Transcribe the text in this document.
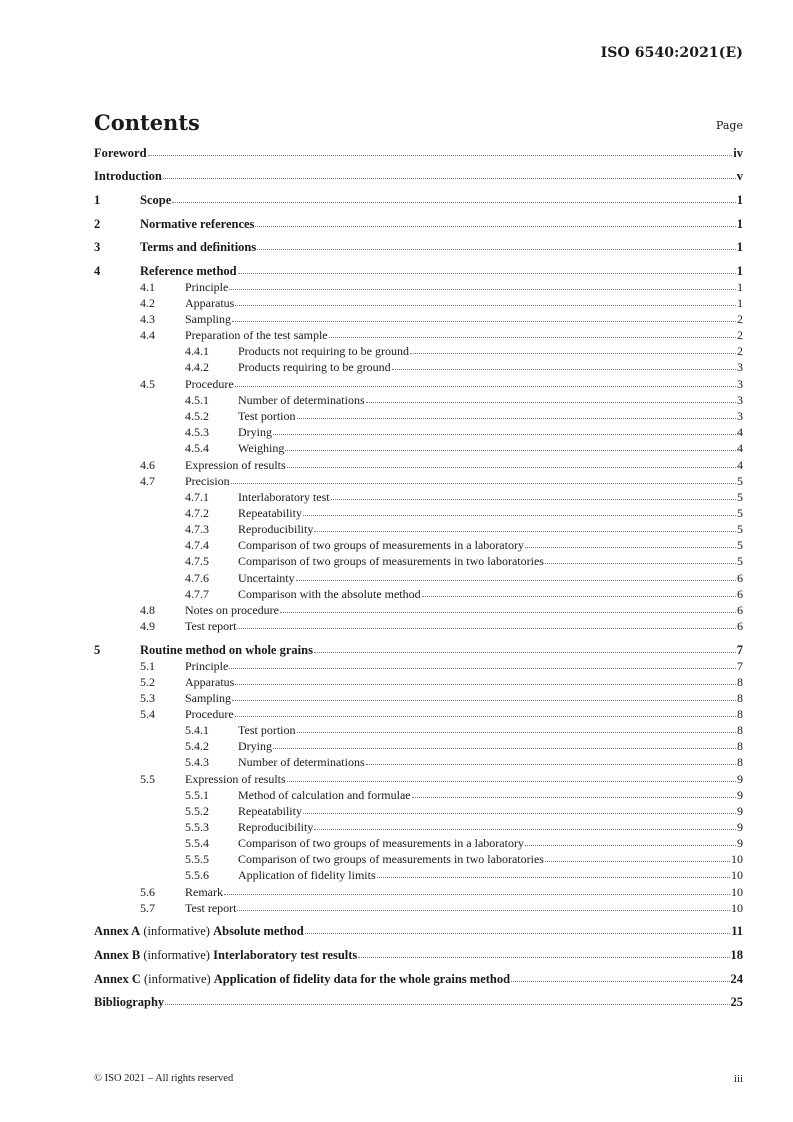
ISO 6540:2021(E)
Contents	Page
Foreword	iv
Introduction	v
1	Scope	1
2	Normative references	1
3	Terms and definitions	1
4	Reference method	1
4.1	Principle	1
4.2	Apparatus	1
4.3	Sampling	2
4.4	Preparation of the test sample	2
4.4.1	Products not requiring to be ground	2
4.4.2	Products requiring to be ground	3
4.5	Procedure	3
4.5.1	Number of determinations	3
4.5.2	Test portion	3
4.5.3	Drying	4
4.5.4	Weighing	4
4.6	Expression of results	4
4.7	Precision	5
4.7.1	Interlaboratory test	5
4.7.2	Repeatability	5
4.7.3	Reproducibility	5
4.7.4	Comparison of two groups of measurements in a laboratory	5
4.7.5	Comparison of two groups of measurements in two laboratories	5
4.7.6	Uncertainty	6
4.7.7	Comparison with the absolute method	6
4.8	Notes on procedure	6
4.9	Test report	6
5	Routine method on whole grains	7
5.1	Principle	7
5.2	Apparatus	8
5.3	Sampling	8
5.4	Procedure	8
5.4.1	Test portion	8
5.4.2	Drying	8
5.4.3	Number of determinations	8
5.5	Expression of results	9
5.5.1	Method of calculation and formulae	9
5.5.2	Repeatability	9
5.5.3	Reproducibility	9
5.5.4	Comparison of two groups of measurements in a laboratory	9
5.5.5	Comparison of two groups of measurements in two laboratories	10
5.5.6	Application of fidelity limits	10
5.6	Remark	10
5.7	Test report	10
Annex A (informative) Absolute method	11
Annex B (informative) Interlaboratory test results	18
Annex C (informative) Application of fidelity data for the whole grains method	24
Bibliography	25
© ISO 2021 – All rights reserved	iii
